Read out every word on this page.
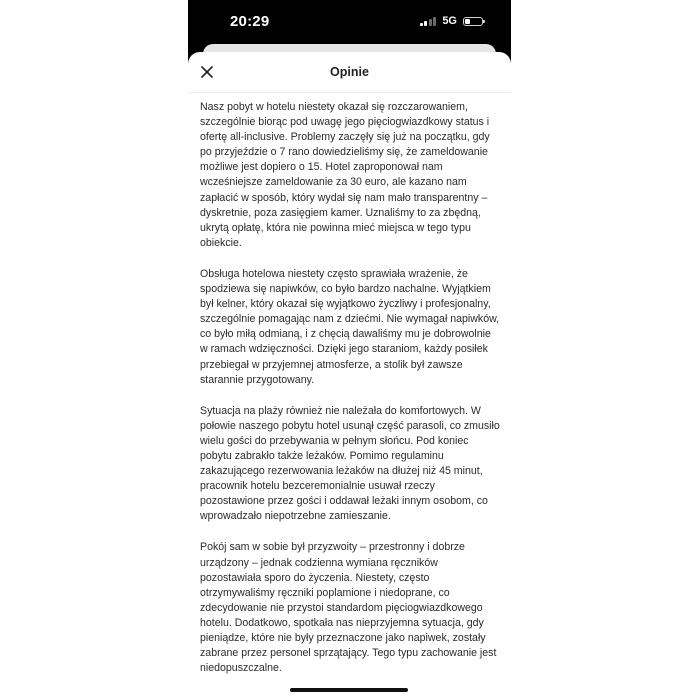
20:29	5G
Opinie

Nasz pobyt w hotelu niestety okazał się rozczarowaniem, szczególnie biorąc pod uwagę jego pięciogwiazdkowy status i ofertę all-inclusive. Problemy zaczęły się już na początku, gdy po przyjeździe o 7 rano dowiedzieliśmy się, że zameldowanie możliwe jest dopiero o 15. Hotel zaproponował nam wcześniejsze zameldowanie za 30 euro, ale kazano nam zapłacić w sposób, który wydał się nam mało transparentny – dyskretnie, poza zasięgiem kamer. Uznaliśmy to za zbędną, ukrytą opłatę, która nie powinna mieć miejsca w tego typu obiekcie.

Obsługa hotelowa niestety często sprawiała wrażenie, że spodziewa się napiwków, co było bardzo nachalne. Wyjątkiem był kelner, który okazał się wyjątkowo życzliwy i profesjonalny, szczególnie pomagając nam z dziećmi. Nie wymagał napiwków, co było miłą odmianą, i z chęcią dawaliśmy mu je dobrowolnie w ramach wdzięczności. Dzięki jego staraniom, każdy posiłek przebiegał w przyjemnej atmosferze, a stolik był zawsze starannie przygotowany.

Sytuacja na plaży również nie należała do komfortowych. W połowie naszego pobytu hotel usunął część parasoli, co zmusiło wielu gości do przebywania w pełnym słońcu. Pod koniec pobytu zabrakło także leżaków. Pomimo regulaminu zakazującego rezerwowania leżaków na dłużej niż 45 minut, pracownik hotelu bezceremonialnie usuwał rzeczy pozostawione przez gości i oddawał leżaki innym osobom, co wprowadzało niepotrzebne zamieszanie.

Pokój sam w sobie był przyzwoity – przestronny i dobrze urządzony – jednak codzienna wymiana ręczników pozostawiała sporo do życzenia. Niestety, często otrzymywaliśmy ręczniki poplamione i niedoprane, co zdecydowanie nie przystoi standardom pięciogwiazdkowego hotelu. Dodatkowo, spotkała nas nieprzyjemna sytuacja, gdy pieniądze, które nie były przeznaczone jako napiwek, zostały zabrane przez personel sprzątający. Tego typu zachowanie jest niedopuszczalne.
